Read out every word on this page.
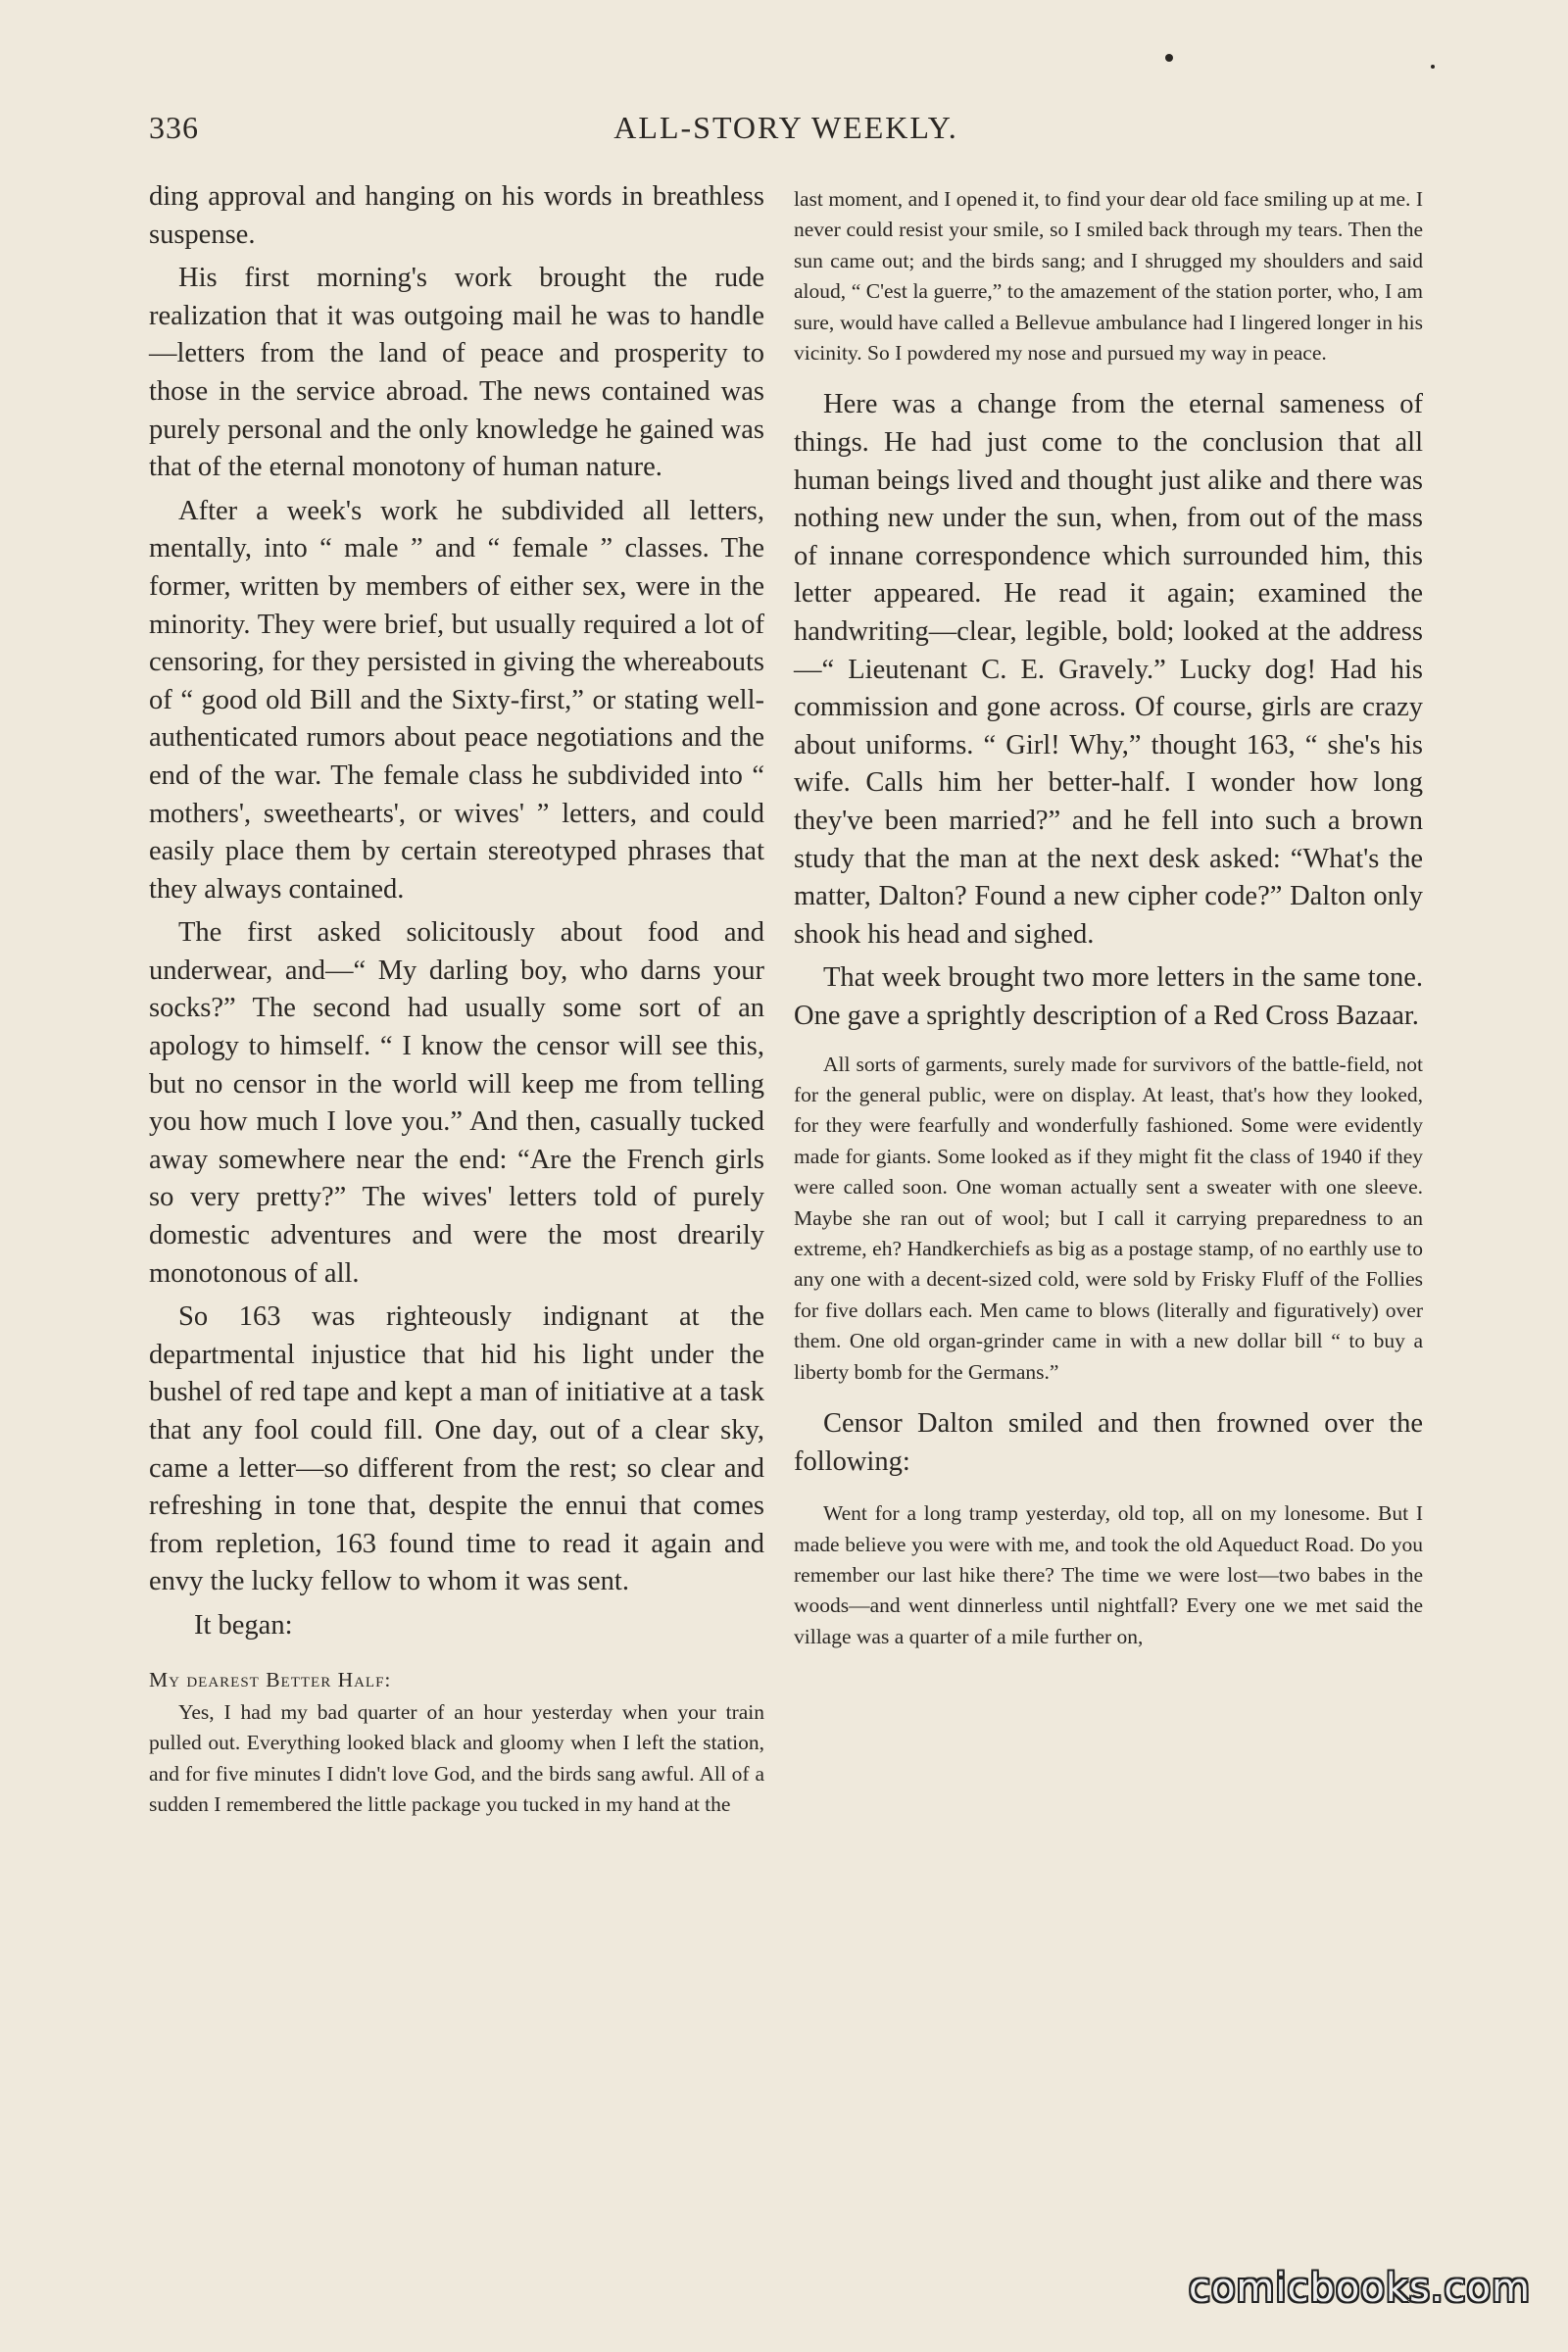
ALL-STORY WEEKLY.
336

ding approval and hanging on his words in breathless suspense.

His first morning's work brought the rude realization that it was outgoing mail he was to handle—letters from the land of peace and prosperity to those in the service abroad. The news contained was purely personal and the only knowledge he gained was that of the eternal monotony of human nature.

After a week's work he subdivided all letters, mentally, into “ male ” and “ female ” classes. The former, written by members of either sex, were in the minority. They were brief, but usually required a lot of censoring, for they persisted in giving the whereabouts of “ good old Bill and the Sixty-first,” or stating well-authenticated rumors about peace negotiations and the end of the war. The female class he subdivided into “ mothers', sweethearts', or wives' ” letters, and could easily place them by certain stereotyped phrases that they always contained.

The first asked solicitously about food and underwear, and—“ My darling boy, who darns your socks?” The second had usually some sort of an apology to himself. “ I know the censor will see this, but no censor in the world will keep me from telling you how much I love you.” And then, casually tucked away somewhere near the end: “Are the French girls so very pretty?” The wives' letters told of purely domestic adventures and were the most drearily monotonous of all.

So 163 was righteously indignant at the departmental injustice that hid his light under the bushel of red tape and kept a man of initiative at a task that any fool could fill. One day, out of a clear sky, came a letter—so different from the rest; so clear and refreshing in tone that, despite the ennui that comes from repletion, 163 found time to read it again and envy the lucky fellow to whom it was sent.

It began:

My dearest Better Half:

Yes, I had my bad quarter of an hour yesterday when your train pulled out. Everything looked black and gloomy when I left the station, and for five minutes I didn't love God, and the birds sang awful. All of a sudden I remembered the little package you tucked in my hand at the

last moment, and I opened it, to find your dear old face smiling up at me. I never could resist your smile, so I smiled back through my tears. Then the sun came out; and the birds sang; and I shrugged my shoulders and said aloud, “ C'est la guerre,” to the amazement of the station porter, who, I am sure, would have called a Bellevue ambulance had I lingered longer in his vicinity. So I powdered my nose and pursued my way in peace.

Here was a change from the eternal sameness of things. He had just come to the conclusion that all human beings lived and thought just alike and there was nothing new under the sun, when, from out of the mass of innane correspondence which surrounded him, this letter appeared. He read it again; examined the handwriting—clear, legible, bold; looked at the address—“ Lieutenant C. E. Gravely.” Lucky dog! Had his commission and gone across. Of course, girls are crazy about uniforms. “ Girl! Why,” thought 163, “ she's his wife. Calls him her better-half. I wonder how long they've been married?” and he fell into such a brown study that the man at the next desk asked: “What's the matter, Dalton? Found a new cipher code?” Dalton only shook his head and sighed.

That week brought two more letters in the same tone. One gave a sprightly description of a Red Cross Bazaar.

All sorts of garments, surely made for survivors of the battle-field, not for the general public, were on display. At least, that's how they looked, for they were fearfully and wonderfully fashioned. Some were evidently made for giants. Some looked as if they might fit the class of 1940 if they were called soon. One woman actually sent a sweater with one sleeve. Maybe she ran out of wool; but I call it carrying preparedness to an extreme, eh? Handkerchiefs as big as a postage stamp, of no earthly use to any one with a decent-sized cold, were sold by Frisky Fluff of the Follies for five dollars each. Men came to blows (literally and figuratively) over them. One old organ-grinder came in with a new dollar bill “ to buy a liberty bomb for the Germans.”

Censor Dalton smiled and then frowned over the following:

Went for a long tramp yesterday, old top, all on my lonesome. But I made believe you were with me, and took the old Aqueduct Road. Do you remember our last hike there? The time we were lost—two babes in the woods—and went dinnerless until nightfall? Every one we met said the village was a quarter of a mile further on,

comicbooks.com
